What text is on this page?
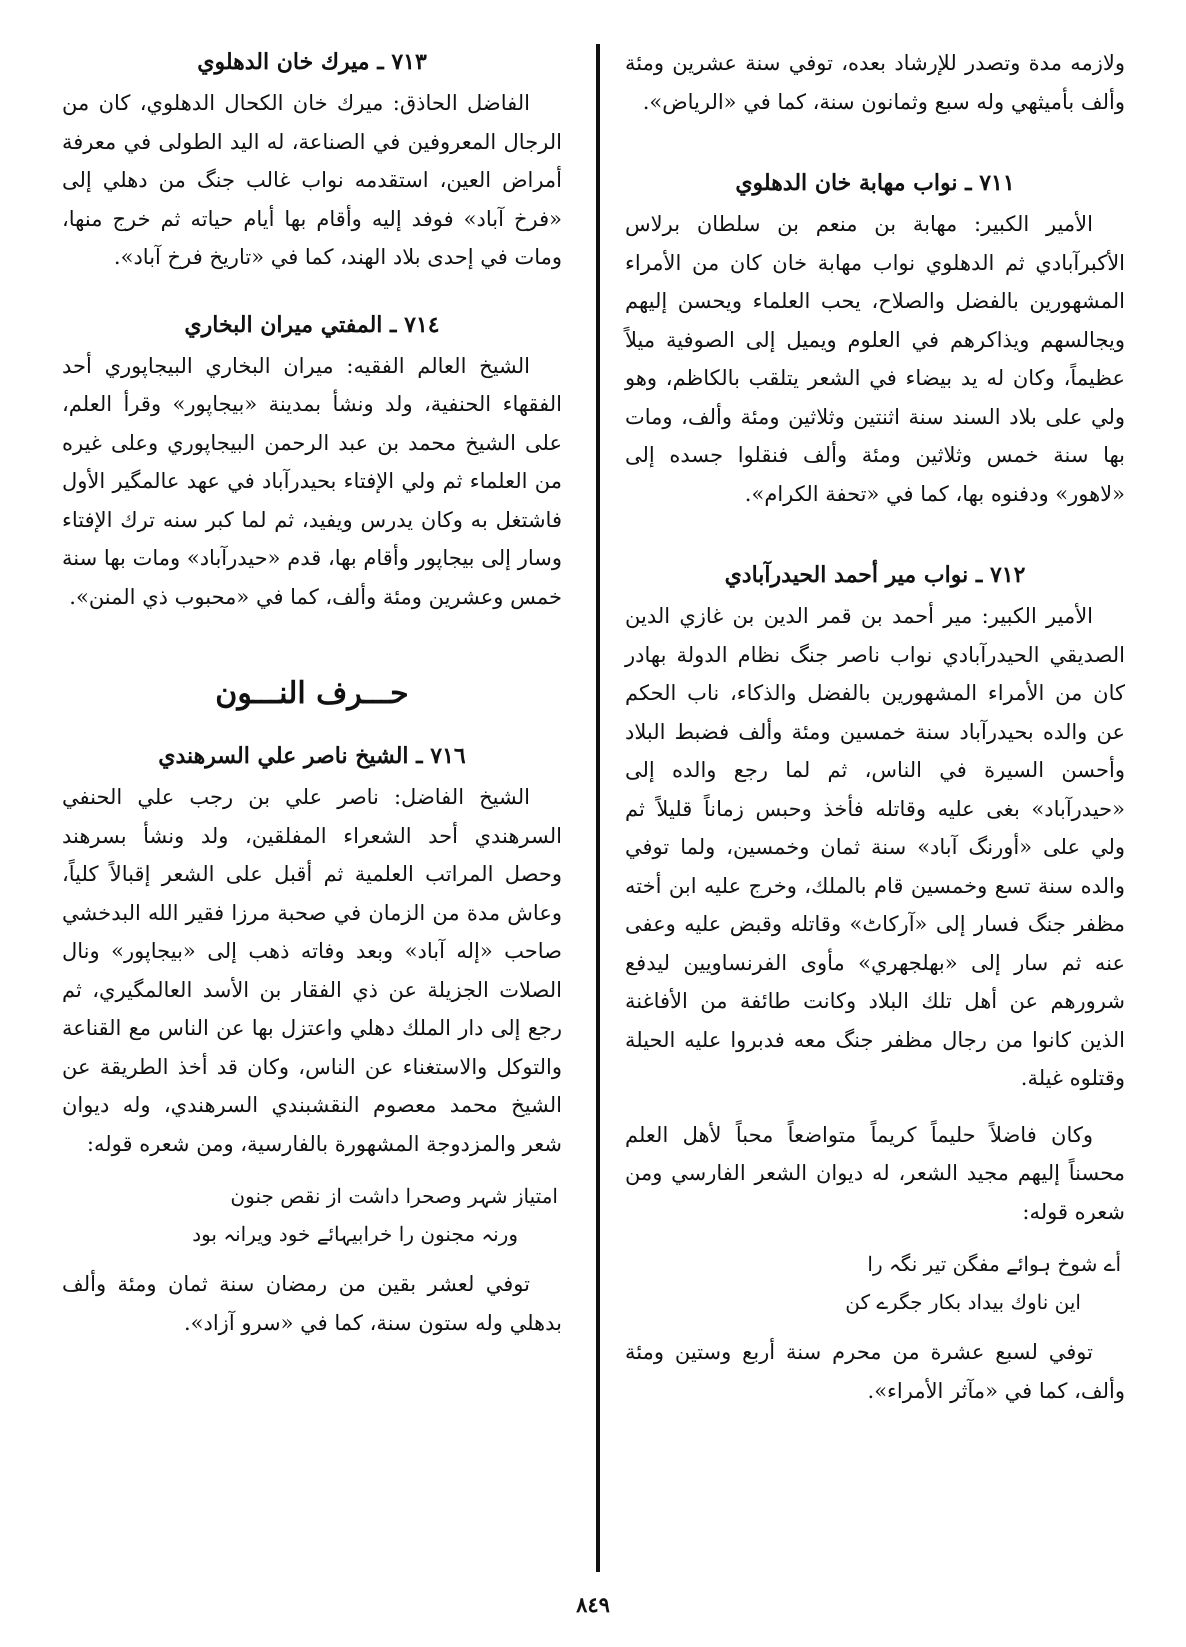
ولازمه مدة وتصدر للإرشاد بعده، توفي سنة عشرين ومئة وألف بأميثهي وله سبع وثمانون سنة، كما في «الرياض».

٧١١ ـ نواب مهابة خان الدهلوي

الأمير الكبير: مهابة بن منعم بن سلطان برلاس الأكبرآبادي ثم الدهلوي نواب مهابة خان كان من الأمراء المشهورين بالفضل والصلاح، يحب العلماء ويحسن إليهم ويجالسهم ويذاكرهم في العلوم ويميل إلى الصوفية ميلاً عظيماً، وكان له يد بيضاء في الشعر يتلقب بالكاظم، وهو ولي على بلاد السند سنة اثنتين وثلاثين ومئة وألف، ومات بها سنة خمس وثلاثين ومئة وألف فنقلوا جسده إلى «لاهور» ودفنوه بها، كما في «تحفة الكرام».

٧١٢ ـ نواب مير أحمد الحيدرآبادي

الأمير الكبير: مير أحمد بن قمر الدين بن غازي الدين الصديقي الحيدرآبادي نواب ناصر جنگ نظام الدولة بهادر كان من الأمراء المشهورين بالفضل والذكاء، ناب الحكم عن والده بحيدرآباد سنة خمسين ومئة وألف فضبط البلاد وأحسن السيرة في الناس، ثم لما رجع والده إلى «حيدرآباد» بغى عليه وقاتله فأخذ وحبس زماناً قليلاً ثم ولي على «أورنگ آباد» سنة ثمان وخمسين، ولما توفي والده سنة تسع وخمسين قام بالملك، وخرج عليه ابن أخته مظفر جنگ فسار إلى «آركاٹ» وقاتله وقبض عليه وعفى عنه ثم سار إلى «بهلجهري» مأوى الفرنساويين ليدفع شرورهم عن أهل تلك البلاد وكانت طائفة من الأفاغنة الذين كانوا من رجال مظفر جنگ معه فدبروا عليه الحيلة وقتلوه غيلة.

وكان فاضلاً حليماً كريماً متواضعاً محباً لأهل العلم محسناً إليهم مجيد الشعر، له ديوان الشعر الفارسي ومن شعره قوله:

أے شوخ ہوائے مفگن تیر نگہ را
این ناوك بیداد بکار جگرے كن

توفي لسبع عشرة من محرم سنة أربع وستين ومئة وألف، كما في «مآثر الأمراء».

٧١٣ ـ ميرك خان الدهلوي

الفاضل الحاذق: ميرك خان الكحال الدهلوي، كان من الرجال المعروفين في الصناعة، له اليد الطولى في معرفة أمراض العين، استقدمه نواب غالب جنگ من دهلي إلى «فرخ آباد» فوفد إليه وأقام بها أيام حياته ثم خرج منها، ومات في إحدى بلاد الهند، كما في «تاريخ فرخ آباد».

٧١٤ ـ المفتي ميران البخاري

الشيخ العالم الفقيه: ميران البخاري البيجاپوري أحد الفقهاء الحنفية، ولد ونشأ بمدينة «بيجاپور» وقرأ العلم، على الشيخ محمد بن عبد الرحمن البيجاپوري وعلى غيره من العلماء ثم ولي الإفتاء بحيدرآباد في عهد عالمگير الأول فاشتغل به وكان يدرس ويفيد، ثم لما كبر سنه ترك الإفتاء وسار إلى بيجاپور وأقام بها، قدم «حيدرآباد» ومات بها سنة خمس وعشرين ومئة وألف، كما في «محبوب ذي المنن».

حـــرف النـــون
٧١٦ ـ الشيخ ناصر علي السرهندي

الشيخ الفاضل: ناصر علي بن رجب علي الحنفي السرهندي أحد الشعراء المفلقين، ولد ونشأ بسرهند وحصل المراتب العلمية ثم أقبل على الشعر إقبالاً كلياً، وعاش مدة من الزمان في صحبة مرزا فقير الله البدخشي صاحب «إله آباد» وبعد وفاته ذهب إلى «بيجاپور» ونال الصلات الجزيلة عن ذي الفقار بن الأسد العالمگيري، ثم رجع إلى دار الملك دهلي واعتزل بها عن الناس مع القناعة والتوكل والاستغناء عن الناس، وكان قد أخذ الطريقة عن الشيخ محمد معصوم النقشبندي السرهندي، وله ديوان شعر والمزدوجة المشهورة بالفارسية، ومن شعره قوله:

امتیاز شہر وصحرا داشت از نقص جنون
ورنہ مجنون را خرابیہائے خود ویرانہ بود

توفي لعشر بقين من رمضان سنة ثمان ومئة وألف بدهلي وله ستون سنة، كما في «سرو آزاد».

٨٤٩
